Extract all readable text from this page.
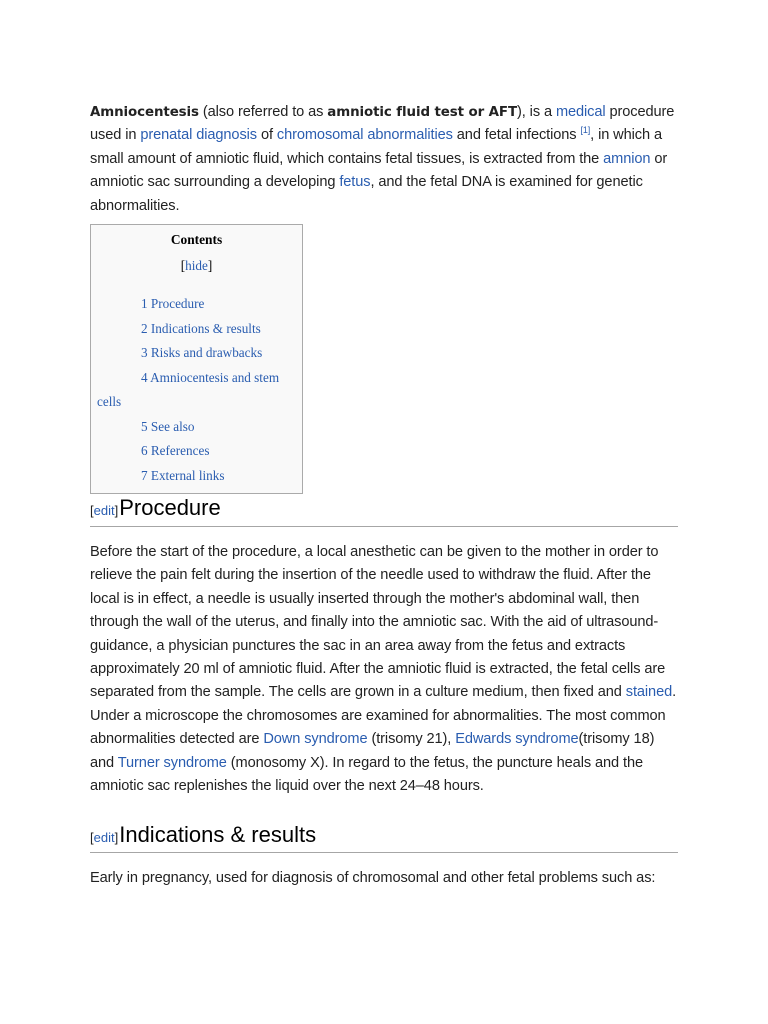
Amniocentesis (also referred to as amniotic fluid test or AFT), is a medical procedure used in prenatal diagnosis of chromosomal abnormalities and fetal infections [1], in which a small amount of amniotic fluid, which contains fetal tissues, is extracted from the amnion or amniotic sac surrounding a developing fetus, and the fetal DNA is examined for genetic abnormalities.

Contents
[hide]
1 Procedure
2 Indications & results
3 Risks and drawbacks
4 Amniocentesis and stem
cells
5 See also
6 References
7 External links
[edit]Procedure

Before the start of the procedure, a local anesthetic can be given to the mother in order to relieve the pain felt during the insertion of the needle used to withdraw the fluid. After the local is in effect, a needle is usually inserted through the mother's abdominal wall, then through the wall of the uterus, and finally into the amniotic sac. With the aid of ultrasound-guidance, a physician punctures the sac in an area away from the fetus and extracts approximately 20 ml of amniotic fluid. After the amniotic fluid is extracted, the fetal cells are separated from the sample. The cells are grown in a culture medium, then fixed and stained. Under a microscope the chromosomes are examined for abnormalities. The most common abnormalities detected are Down syndrome (trisomy 21), Edwards syndrome(trisomy 18) and Turner syndrome (monosomy X). In regard to the fetus, the puncture heals and the amniotic sac replenishes the liquid over the next 24–48 hours.

[edit]Indications & results

Early in pregnancy, used for diagnosis of chromosomal and other fetal problems such as:
